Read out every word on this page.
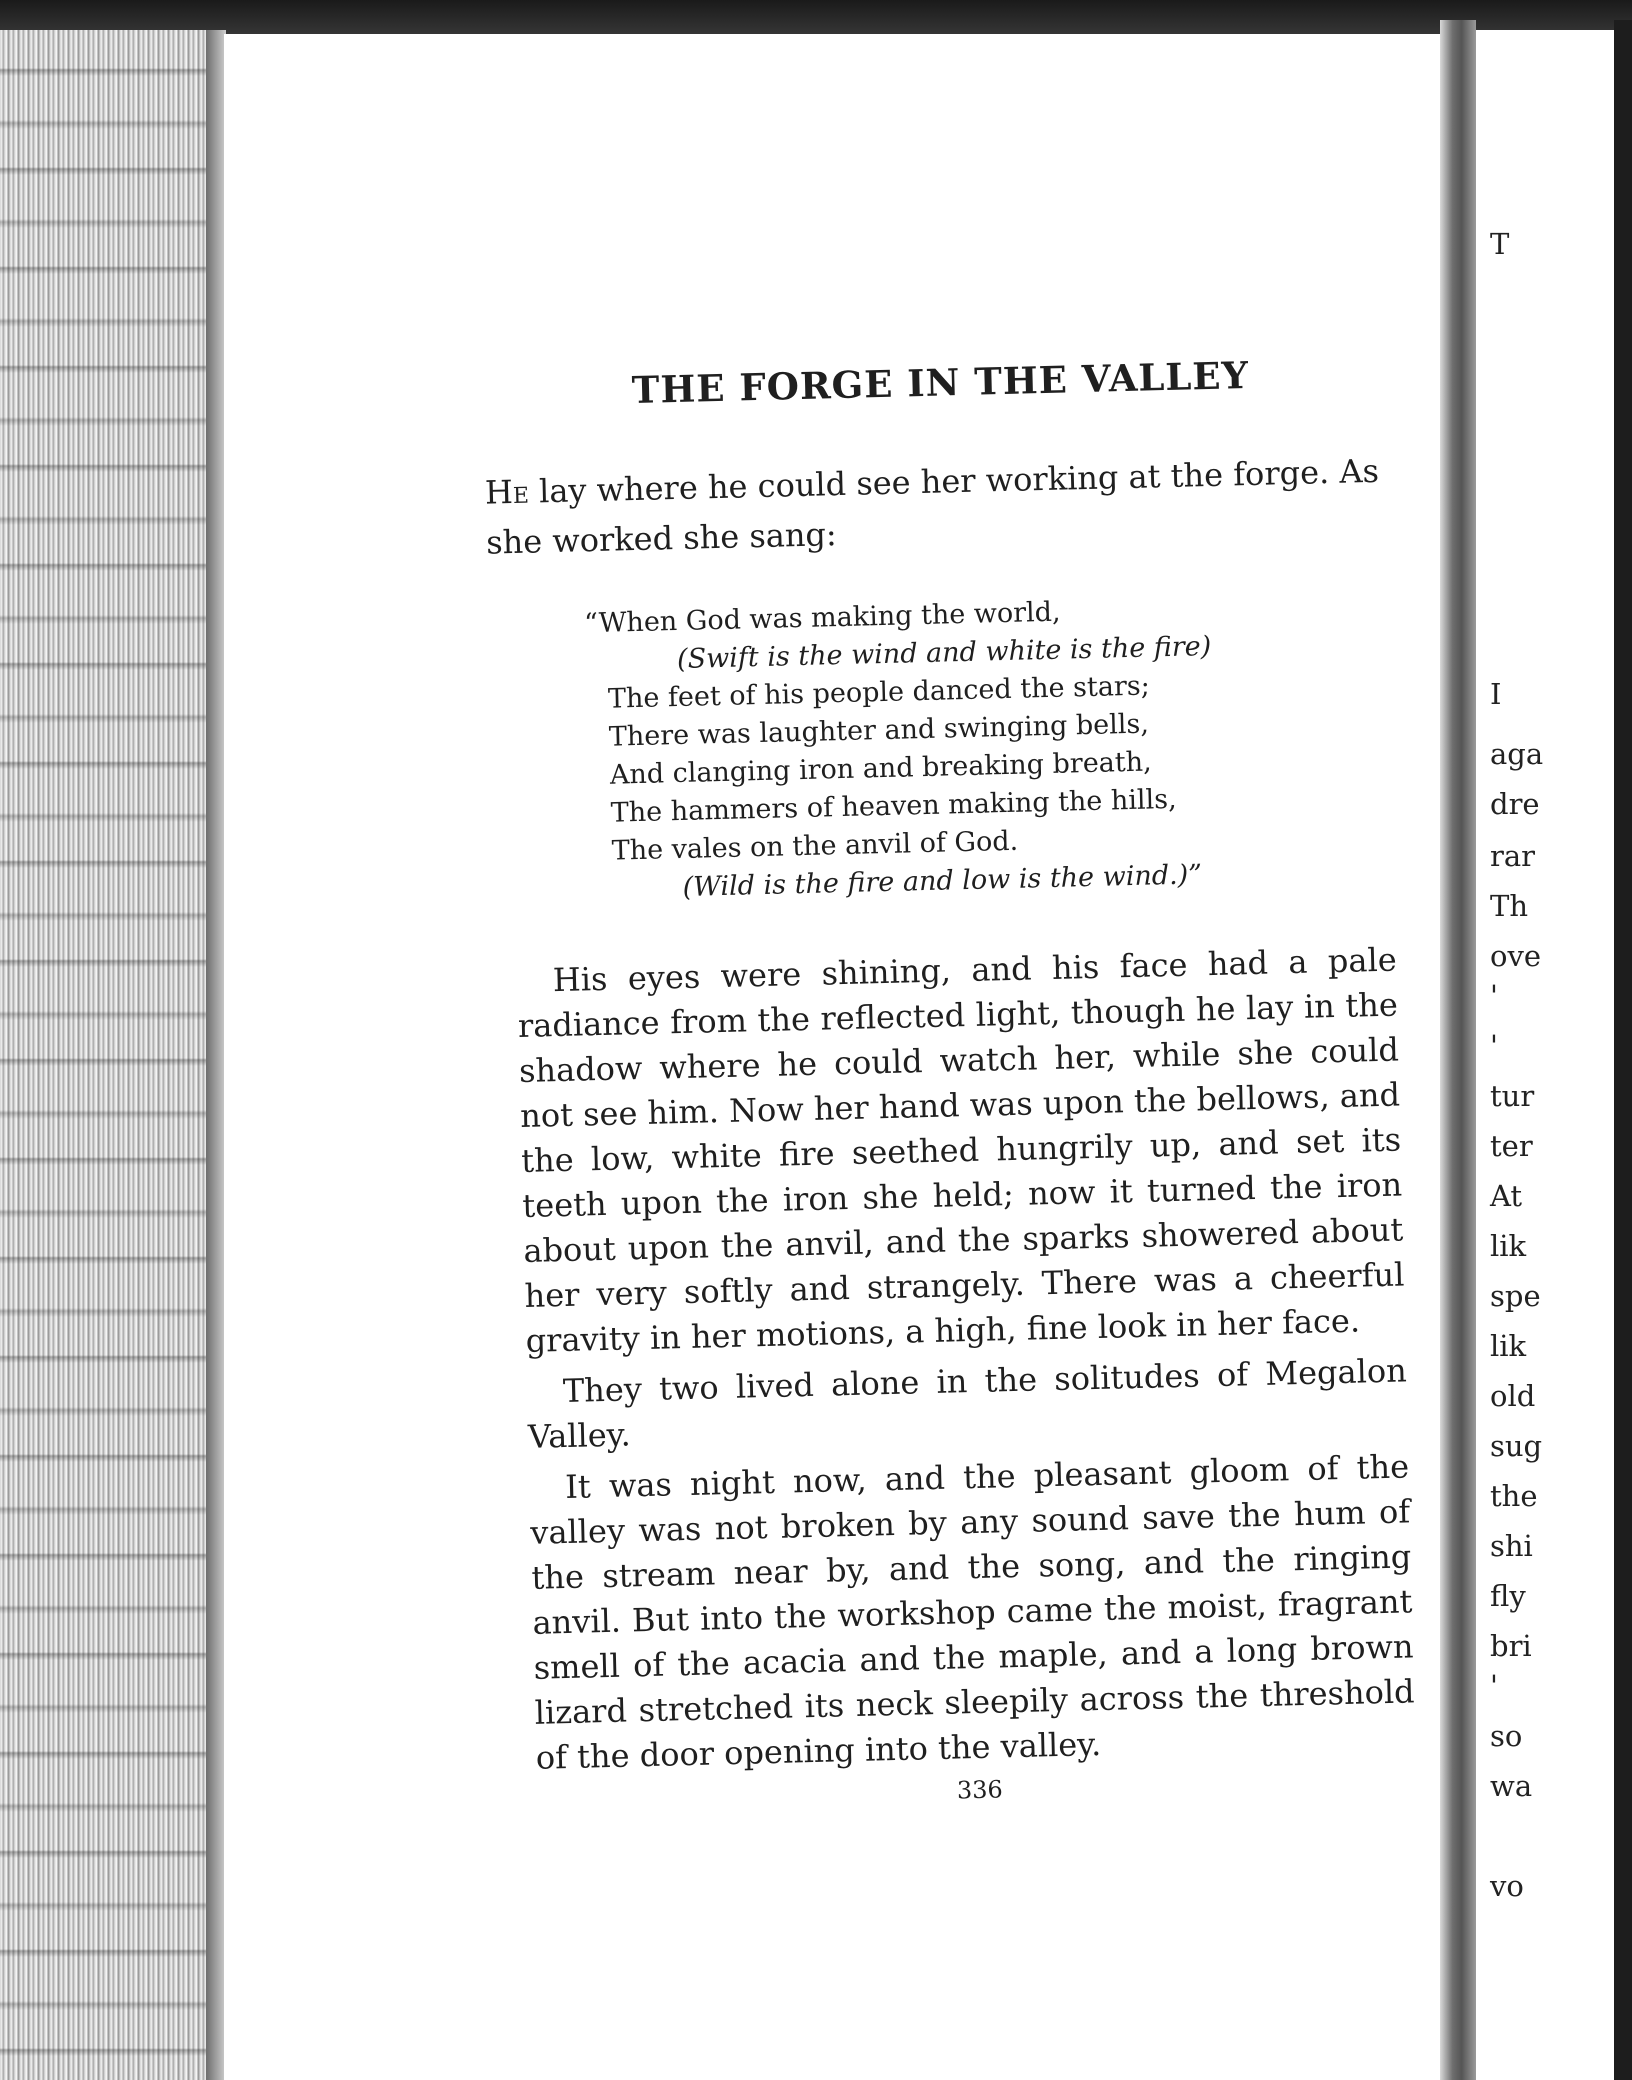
THE FORGE IN THE VALLEY

He lay where he could see her working at the forge. As she worked she sang:

“When God was making the world,
(Swift is the wind and white is the fire)
The feet of his people danced the stars;
There was laughter and swinging bells,
And clanging iron and breaking breath,
The hammers of heaven making the hills,
The vales on the anvil of God.
(Wild is the fire and low is the wind.)”

His eyes were shining, and his face had a pale radiance from the reflected light, though he lay in the shadow where he could watch her, while she could not see him. Now her hand was upon the bellows, and the low, white fire seethed hungrily up, and set its teeth upon the iron she held; now it turned the iron about upon the anvil, and the sparks showered about her very softly and strangely. There was a cheerful gravity in her motions, a high, fine look in her face.

They two lived alone in the solitudes of Megalon Valley.

It was night now, and the pleasant gloom of the valley was not broken by any sound save the hum of the stream near by, and the song, and the ringing anvil. But into the workshop came the moist, fragrant smell of the acacia and the maple, and a long brown lizard stretched its neck sleepily across the threshold of the door opening into the valley.

336
T
I
aga
dre
rar
Th
ove
'
'
tur
ter
At
lik
spe
lik
old
sug
the
shi
fly
bri
'
so
wa
vo
